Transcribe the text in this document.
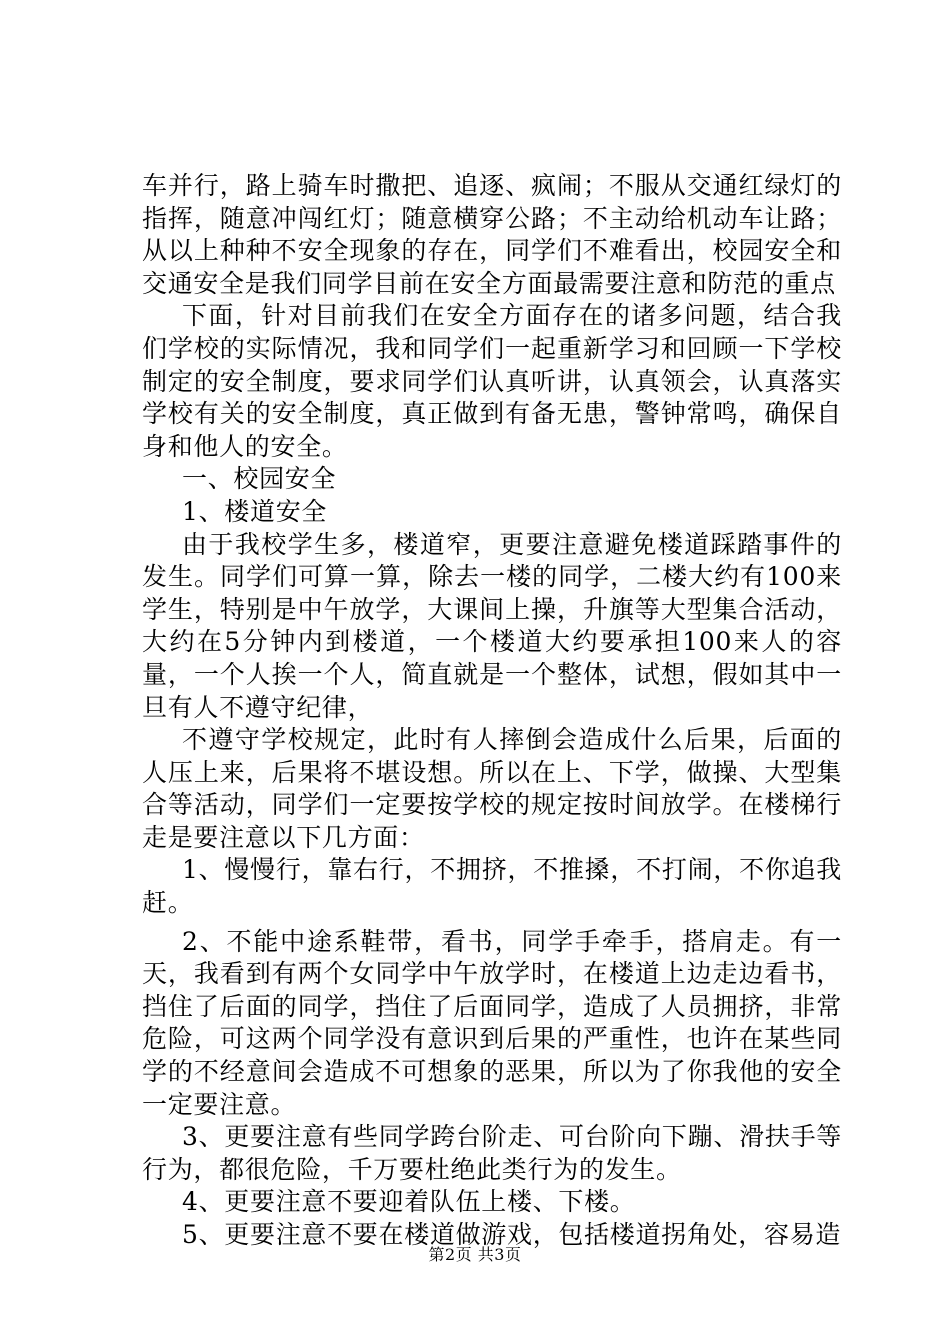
车并行，路上骑车时撒把、追逐、疯闹；不服从交通红绿灯的指挥，随意冲闯红灯；随意横穿公路；不主动给机动车让路；从以上种种不安全现象的存在，同学们不难看出，校园安全和交通安全是我们同学目前在安全方面最需要注意和防范的重点

下面，针对目前我们在安全方面存在的诸多问题，结合我们学校的实际情况，我和同学们一起重新学习和回顾一下学校制定的安全制度，要求同学们认真听讲，认真领会，认真落实学校有关的安全制度，真正做到有备无患，警钟常鸣，确保自身和他人的安全。

一、校园安全

1、楼道安全

由于我校学生多，楼道窄，更要注意避免楼道踩踏事件的发生。同学们可算一算，除去一楼的同学，二楼大约有100来学生，特别是中午放学，大课间上操，升旗等大型集合活动，大约在5分钟内到楼道，一个楼道大约要承担100来人的容量，一个人挨一个人，简直就是一个整体，试想，假如其中一旦有人不遵守纪律，

不遵守学校规定，此时有人摔倒会造成什么后果，后面的人压上来，后果将不堪设想。所以在上、下学，做操、大型集合等活动，同学们一定要按学校的规定按时间放学。在楼梯行走是要注意以下几方面：

1、慢慢行，靠右行，不拥挤，不推搡，不打闹，不你追我赶。

2、不能中途系鞋带，看书，同学手牵手，搭肩走。有一天，我看到有两个女同学中午放学时，在楼道上边走边看书，挡住了后面的同学，挡住了后面同学，造成了人员拥挤，非常危险，可这两个同学没有意识到后果的严重性，也许在某些同学的不经意间会造成不可想象的恶果，所以为了你我他的安全一定要注意。

3、更要注意有些同学跨台阶走、可台阶向下蹦、滑扶手等行为，都很危险，千万要杜绝此类行为的发生。

4、更要注意不要迎着队伍上楼、下楼。

5、更要注意不要在楼道做游戏，包括楼道拐角处，容易造

第2页 共3页
